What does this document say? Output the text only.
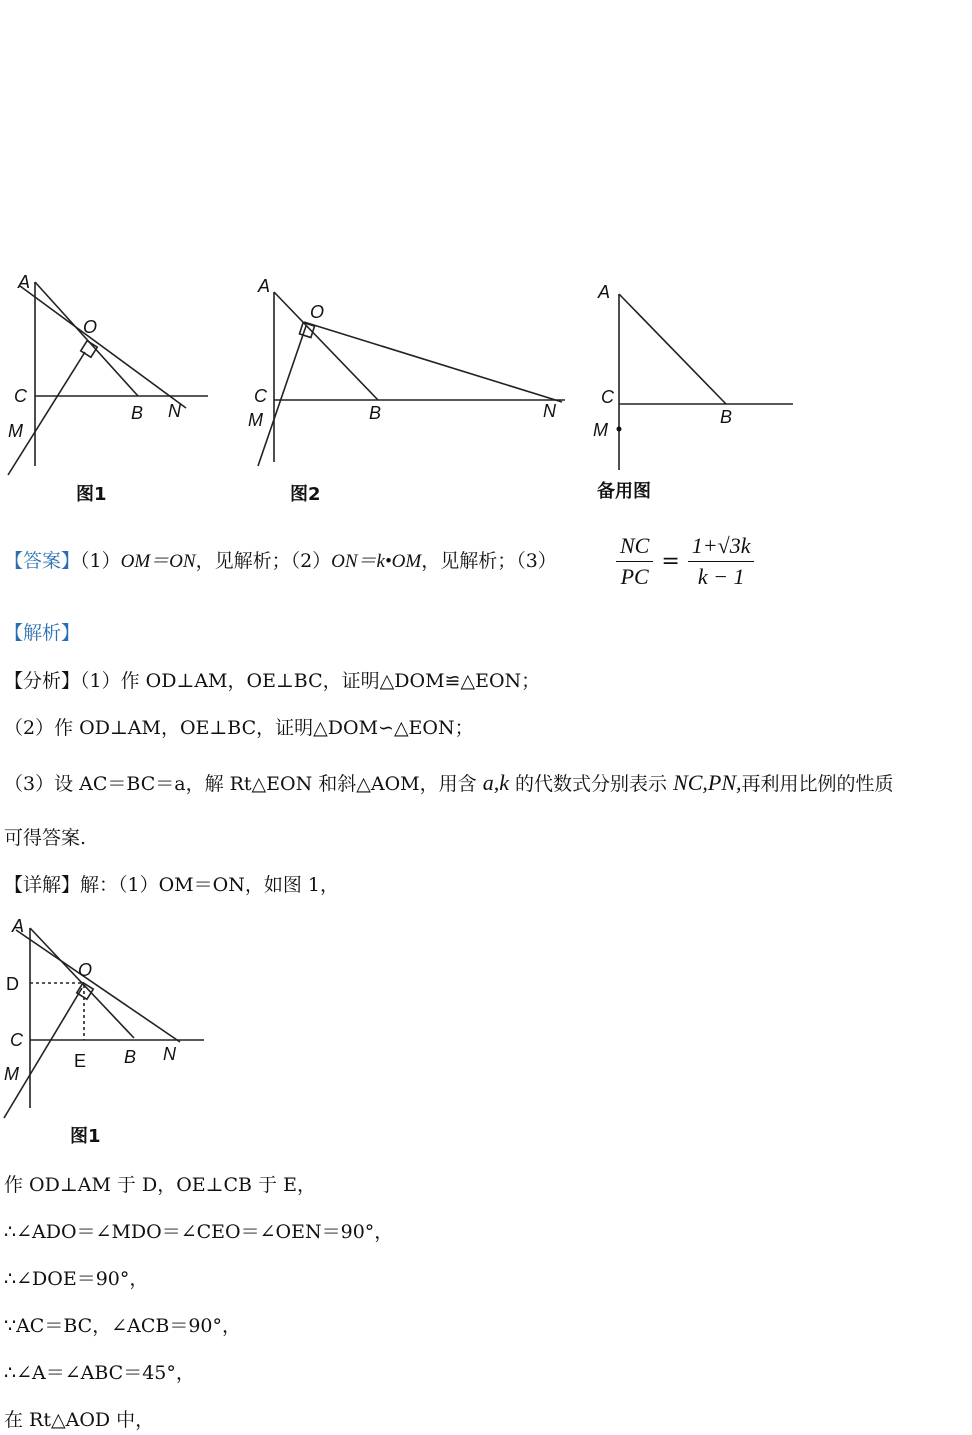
A
O
C
M
B N
图1
A
O
C
M	B	N
图2
A
C
M
B
备用图
【答案】（1）OM＝ON，见解析；（2）ON＝k•OM，见解析；（3）	$\frac{NC}{PC} = \frac{1+√3k}{k - 1}$
【解析】
【分析】（1）作 OD⊥AM，OE⊥BC，证明△DOM≌△EON；
（2）作 OD⊥AM，OE⊥BC，证明△DOM∽△EON；
（3）设 AC＝BC＝a，解 Rt△EON 和斜△AOM，用含 a,k 的代数式分别表示 NC,PN,再利用比例的性质
可得答案.
【详解】解：（1）OM＝ON，如图 1，
A
D
O
C
M
E B N
图1
作 OD⊥AM 于 D，OE⊥CB 于 E，
∴∠ADO＝∠MDO＝∠CEO＝∠OEN＝90°，
∴∠DOE＝90°，
∵AC＝BC，∠ACB＝90°，
∴∠A＝∠ABC＝45°，
在 Rt△AOD 中，
